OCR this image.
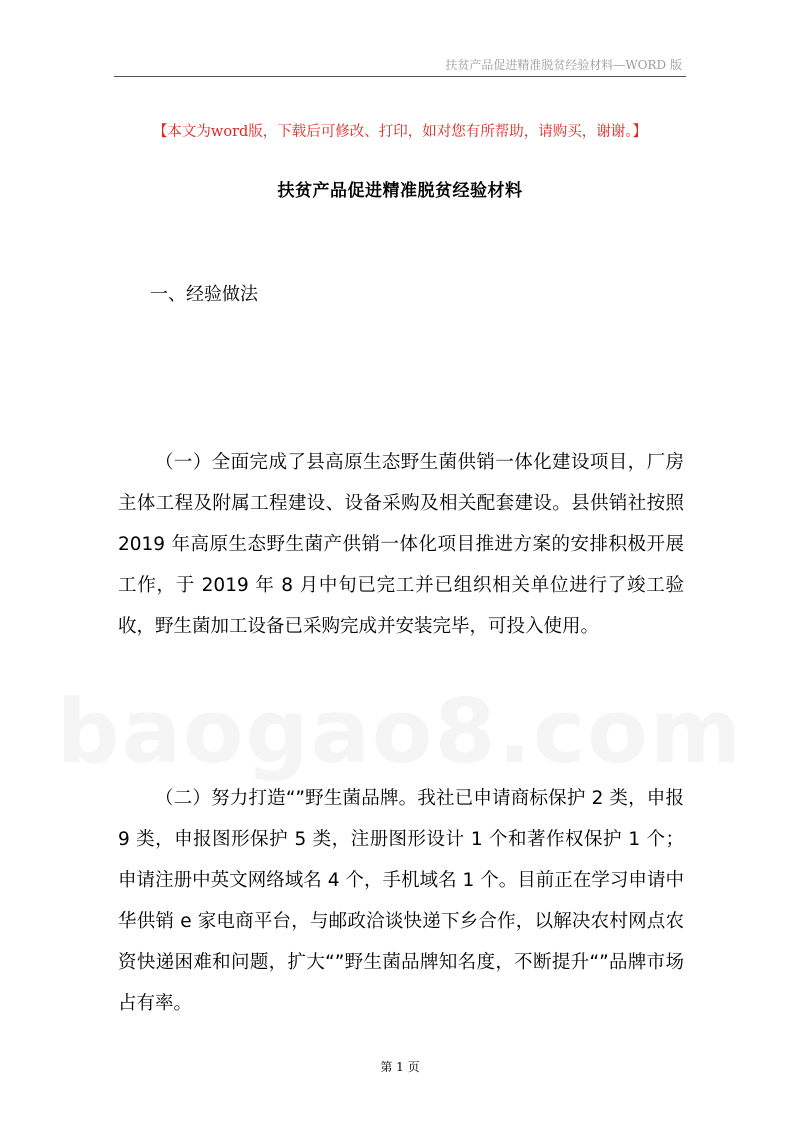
扶贫产品促进精准脱贫经验材料—WORD 版
【本文为word版，下载后可修改、打印，如对您有所帮助，请购买，谢谢。】
扶贫产品促进精准脱贫经验材料
一、经验做法
baogao8.com

（一）全面完成了县高原生态野生菌供销一体化建设项目，厂房主体工程及附属工程建设、设备采购及相关配套建设。县供销社按照2019 年高原生态野生菌产供销一体化项目推进方案的安排积极开展工作，于 2019 年 8 月中旬已完工并已组织相关单位进行了竣工验收，野生菌加工设备已采购完成并安装完毕，可投入使用。

（二）努力打造“”野生菌品牌。我社已申请商标保护 2 类，申报 9 类，申报图形保护 5 类，注册图形设计 1 个和著作权保护 1 个；申请注册中英文网络域名 4 个，手机域名 1 个。目前正在学习申请中华供销 e 家电商平台，与邮政洽谈快递下乡合作，以解决农村网点农资快递困难和问题，扩大“”野生菌品牌知名度，不断提升“”品牌市场占有率。

第 1 页
